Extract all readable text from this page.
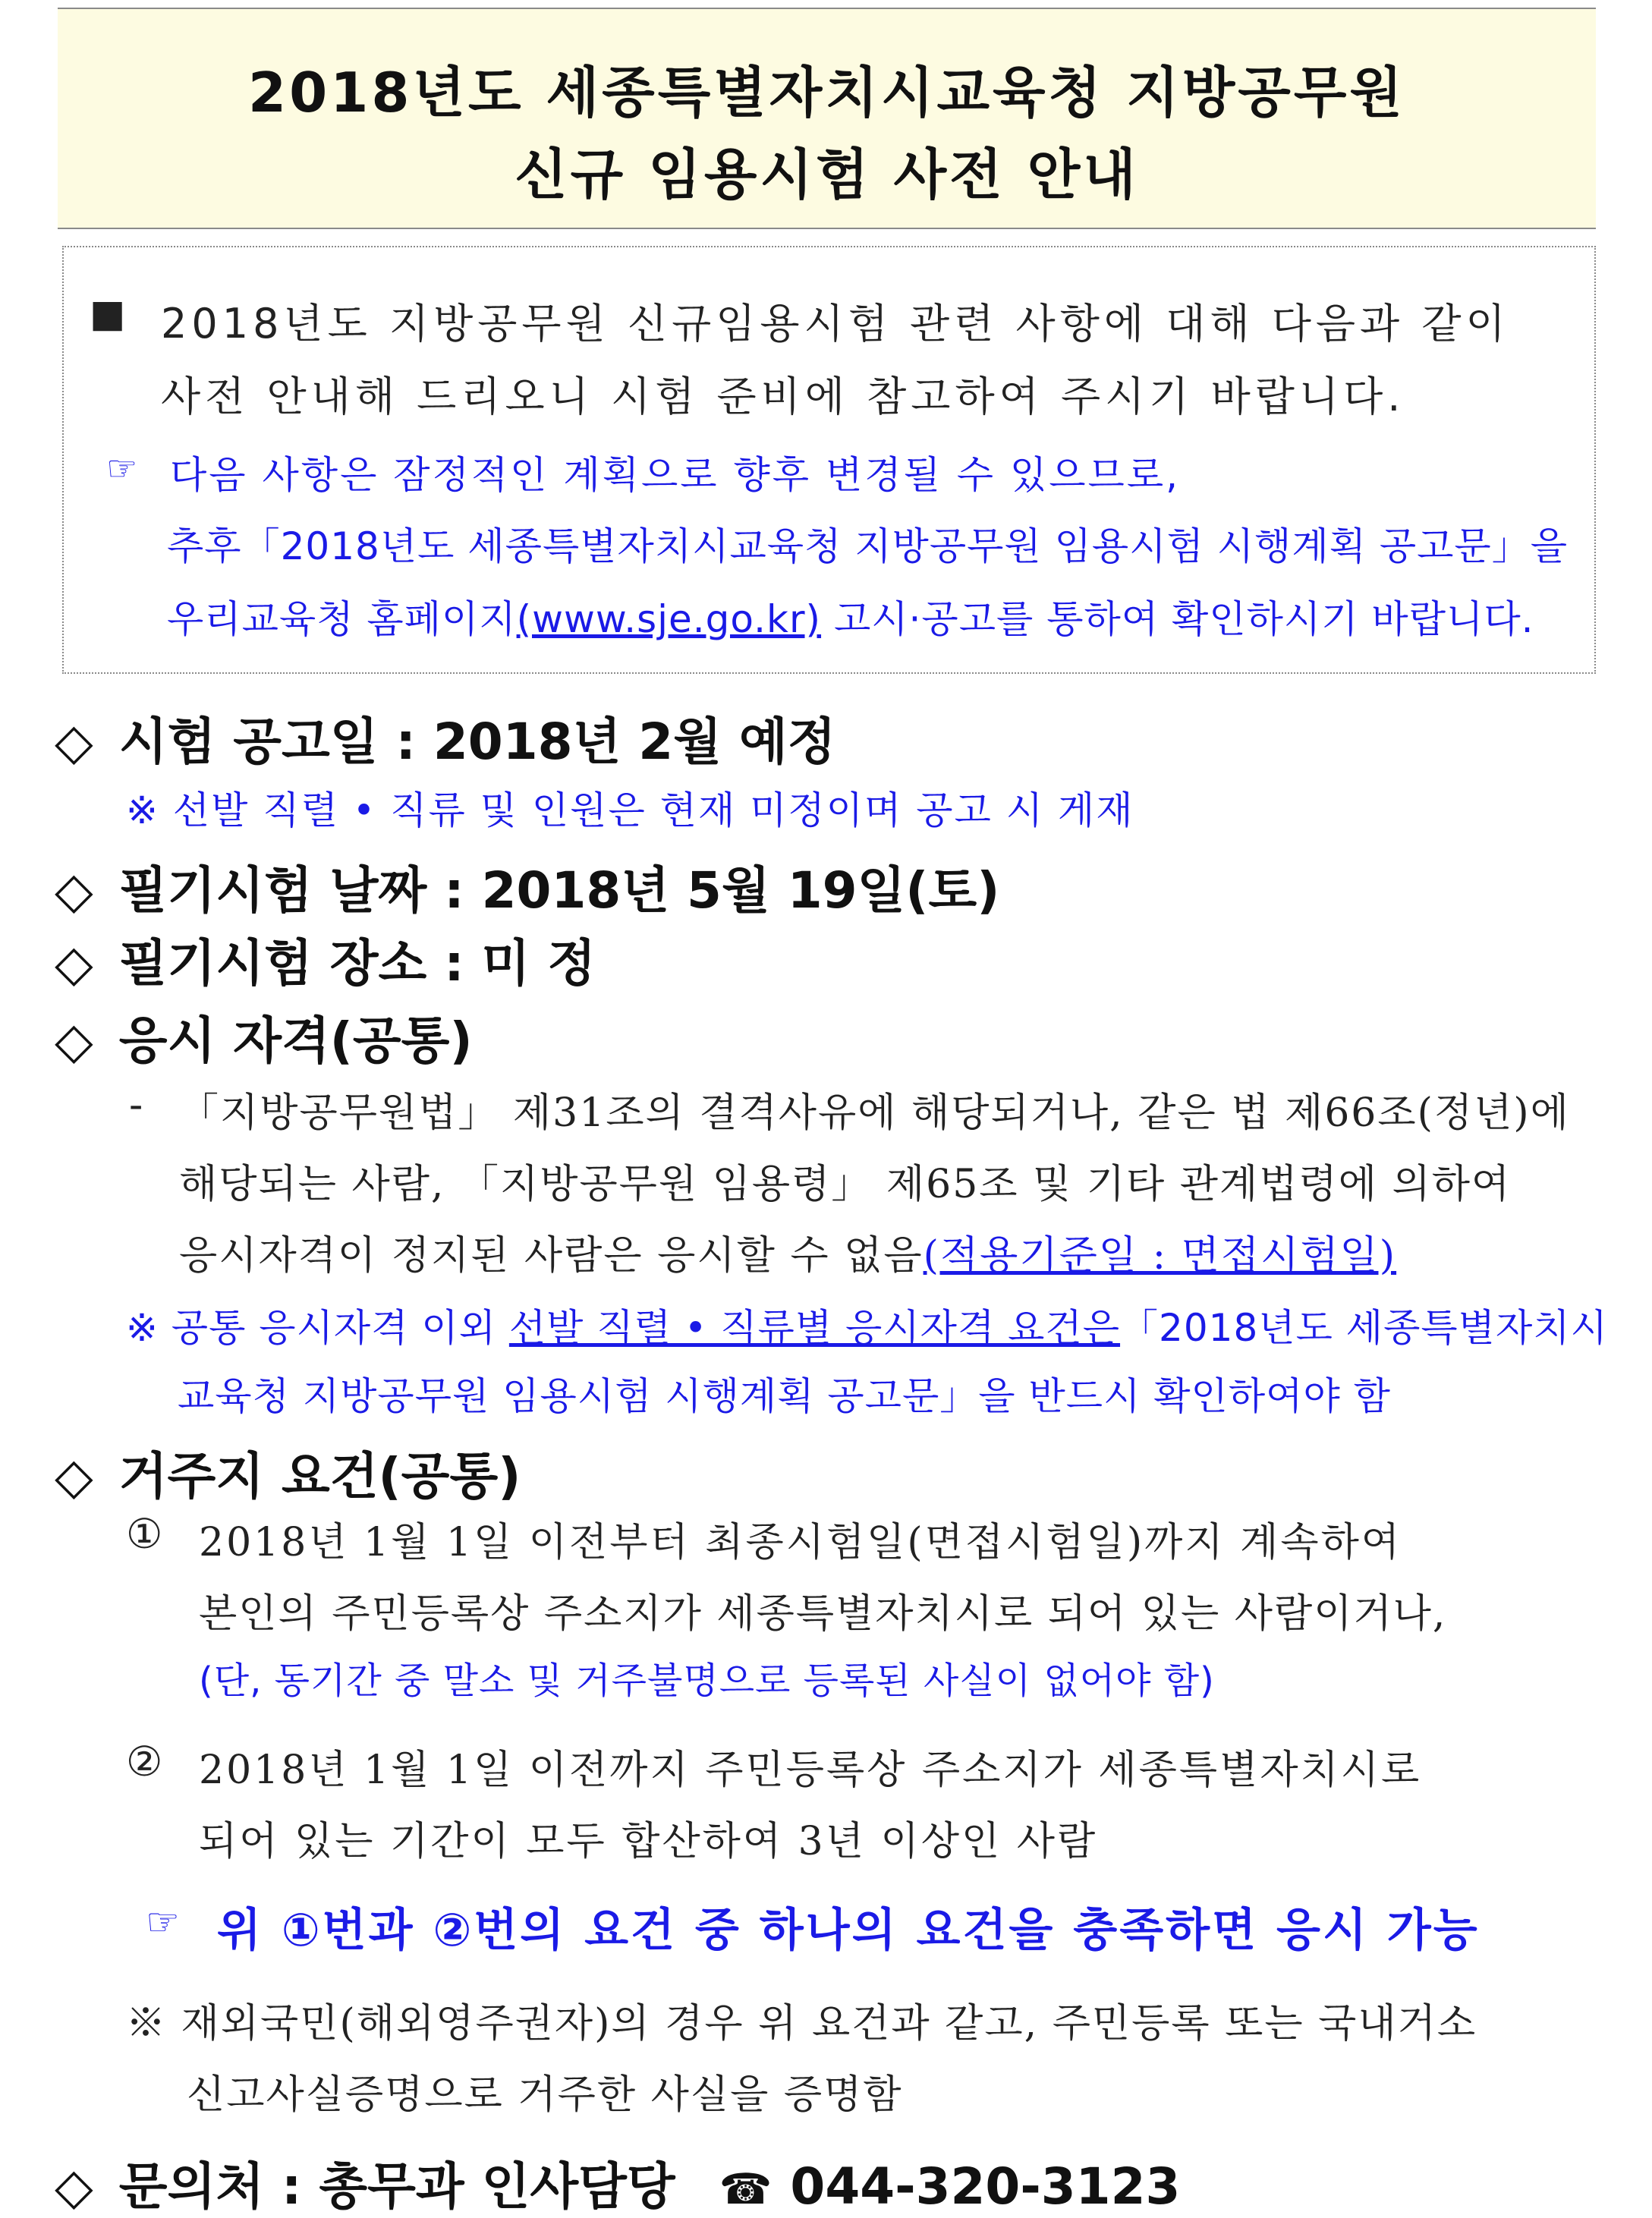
2018년도 세종특별자치시교육청 지방공무원
신규 임용시험 사전 안내
■ 2018년도 지방공무원 신규임용시험 관련 사항에 대해 다음과 같이
사전 안내해 드리오니 시험 준비에 참고하여 주시기 바랍니다.
☞ 다음 사항은 잠정적인 계획으로 향후 변경될 수 있으므로,
추후「2018년도 세종특별자치시교육청 지방공무원 임용시험 시행계획 공고문」을
우리교육청 홈페이지(www.sje.go.kr) 고시·공고를 통하여 확인하시기 바랍니다.
◇ 시험 공고일 : 2018년 2월 예정
※ 선발 직렬 • 직류 및 인원은 현재 미정이며 공고 시 게재
◇ 필기시험 날짜 : 2018년 5월 19일(토)
◇ 필기시험 장소 : 미 정
◇ 응시 자격(공통)
- 「지방공무원법」 제31조의 결격사유에 해당되거나, 같은 법 제66조(정년)에
해당되는 사람, 「지방공무원 임용령」 제65조 및 기타 관계법령에 의하여
응시자격이 정지된 사람은 응시할 수 없음(적용기준일 : 면접시험일)
※ 공통 응시자격 이외 선발 직렬 • 직류별 응시자격 요건은「2018년도 세종특별자치시
교육청 지방공무원 임용시험 시행계획 공고문」을 반드시 확인하여야 함
◇ 거주지 요건(공통)
① 2018년 1월 1일 이전부터 최종시험일(면접시험일)까지 계속하여
본인의 주민등록상 주소지가 세종특별자치시로 되어 있는 사람이거나,
(단, 동기간 중 말소 및 거주불명으로 등록된 사실이 없어야 함)
② 2018년 1월 1일 이전까지 주민등록상 주소지가 세종특별자치시로
되어 있는 기간이 모두 합산하여 3년 이상인 사람
☞ 위 ①번과 ②번의 요건 중 하나의 요건을 충족하면 응시 가능
※ 재외국민(해외영주권자)의 경우 위 요건과 같고, 주민등록 또는 국내거소
신고사실증명으로 거주한 사실을 증명함
◇ 문의처 : 총무과 인사담당 ☎ 044-320-3123
